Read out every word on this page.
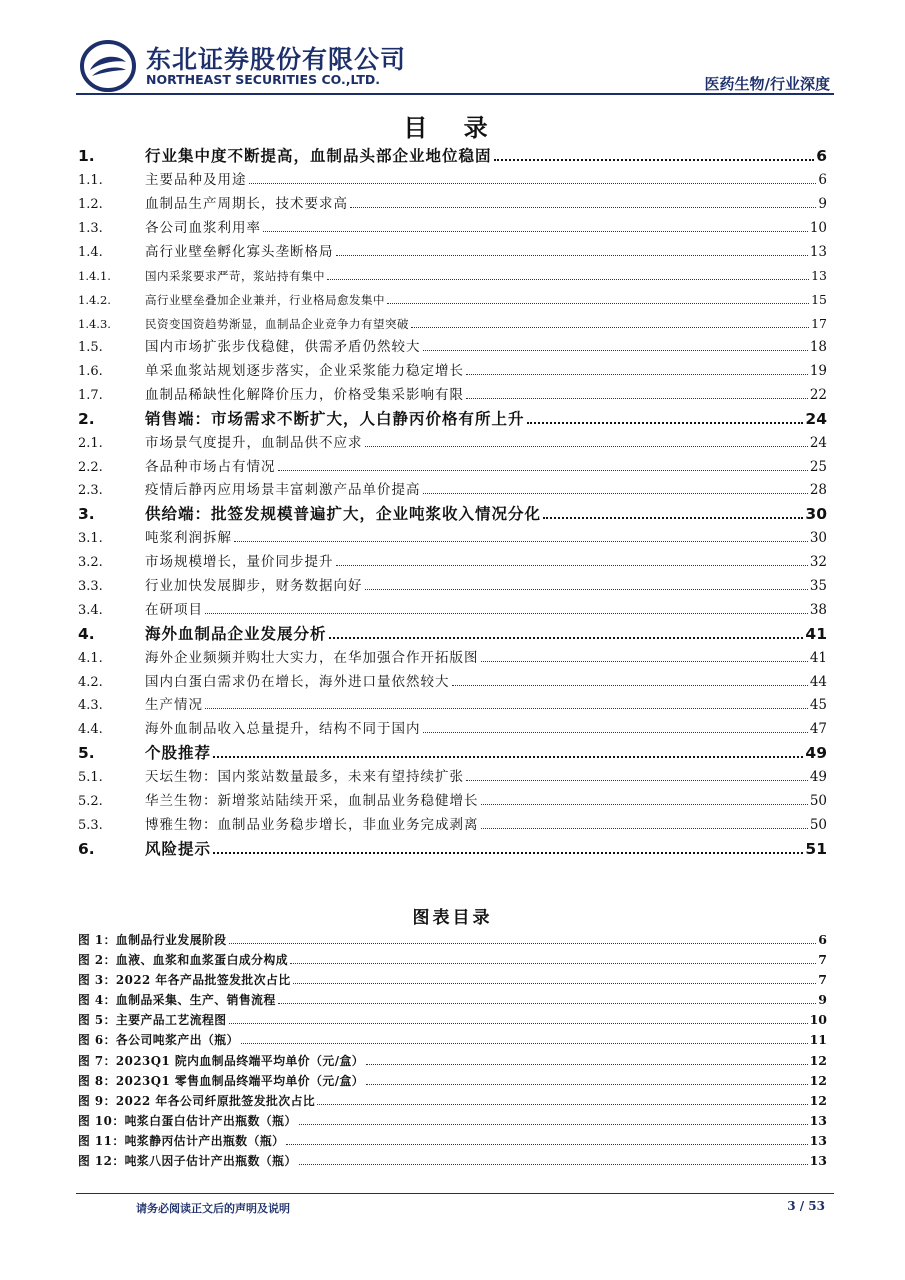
东北证券股份有限公司
NORTHEAST SECURITIES CO.,LTD.	医药生物/行业深度
目 录
1.	行业集中度不断提高，血制品头部企业地位稳固	6
1.1.	主要品种及用途	6
1.2.	血制品生产周期长，技术要求高	9
1.3.	各公司血浆利用率	10
1.4.	高行业壁垒孵化寡头垄断格局	13
1.4.1.	国内采浆要求严苛，浆站持有集中	13
1.4.2.	高行业壁垒叠加企业兼并，行业格局愈发集中	15
1.4.3.	民资变国资趋势渐显，血制品企业竞争力有望突破	17
1.5.	国内市场扩张步伐稳健，供需矛盾仍然较大	18
1.6.	单采血浆站规划逐步落实，企业采浆能力稳定增长	19
1.7.	血制品稀缺性化解降价压力，价格受集采影响有限	22
2.	销售端：市场需求不断扩大，人白静丙价格有所上升	24
2.1.	市场景气度提升，血制品供不应求	24
2.2.	各品种市场占有情况	25
2.3.	疫情后静丙应用场景丰富刺激产品单价提高	28
3.	供给端：批签发规模普遍扩大，企业吨浆收入情况分化	30
3.1.	吨浆利润拆解	30
3.2.	市场规模增长，量价同步提升	32
3.3.	行业加快发展脚步，财务数据向好	35
3.4.	在研项目	38
4.	海外血制品企业发展分析	41
4.1.	海外企业频频并购壮大实力，在华加强合作开拓版图	41
4.2.	国内白蛋白需求仍在增长，海外进口量依然较大	44
4.3.	生产情况	45
4.4.	海外血制品收入总量提升，结构不同于国内	47
5.	个股推荐	49
5.1.	天坛生物：国内浆站数量最多，未来有望持续扩张	49
5.2.	华兰生物：新增浆站陆续开采，血制品业务稳健增长	50
5.3.	博雅生物：血制品业务稳步增长，非血业务完成剥离	50
6.	风险提示	51
图表目录
图 1：血制品行业发展阶段	6
图 2：血液、血浆和血浆蛋白成分构成	7
图 3：2022 年各产品批签发批次占比	7
图 4：血制品采集、生产、销售流程	9
图 5：主要产品工艺流程图	10
图 6：各公司吨浆产出（瓶）	11
图 7：2023Q1 院内血制品终端平均单价（元/盒）	12
图 8：2023Q1 零售血制品终端平均单价（元/盒）	12
图 9：2022 年各公司纤原批签发批次占比	12
图 10：吨浆白蛋白估计产出瓶数（瓶）	13
图 11：吨浆静丙估计产出瓶数（瓶）	13
图 12：吨浆八因子估计产出瓶数（瓶）	13
请务必阅读正文后的声明及说明	3 / 53
